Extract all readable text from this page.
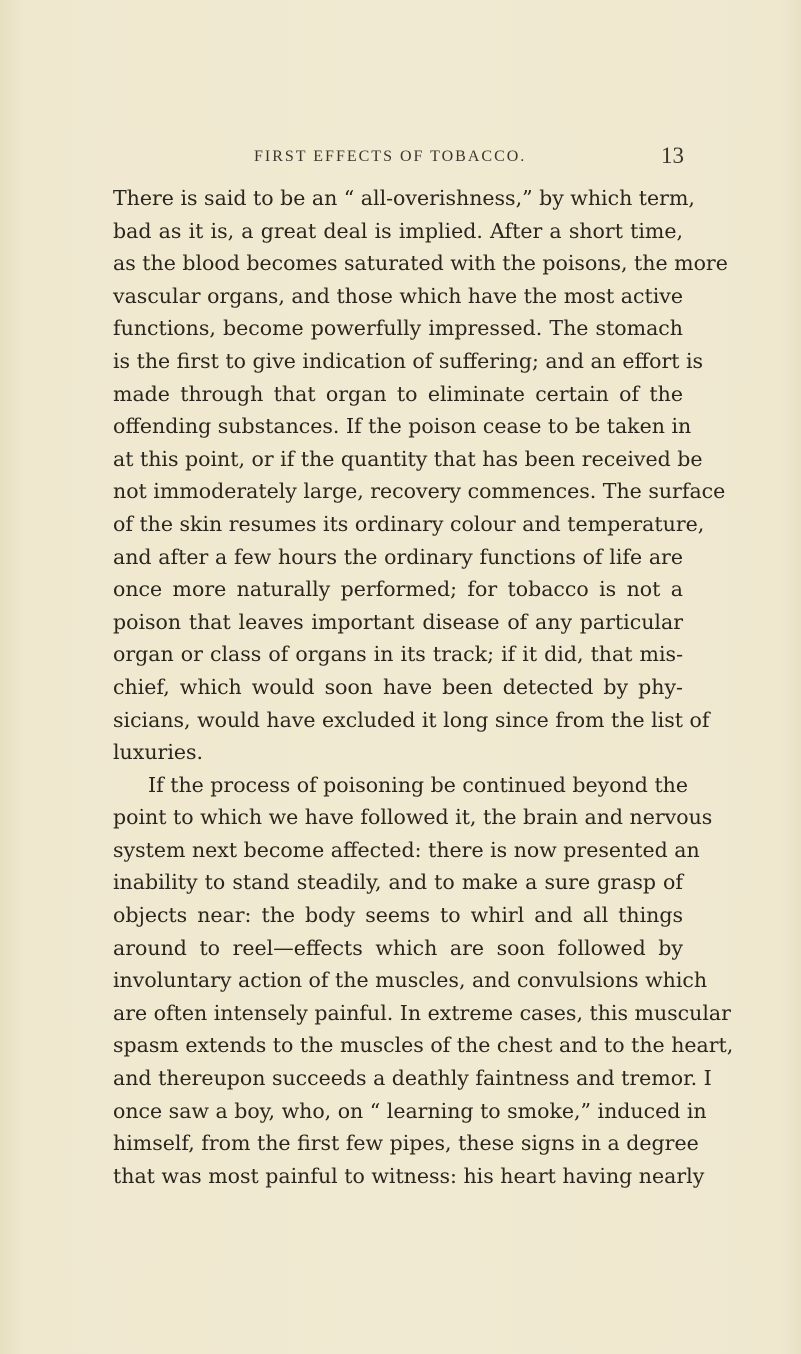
FIRST EFFECTS OF TOBACCO.	13
There is said to be an “ all-overishness,” by which term,
bad as it is, a great deal is implied. After a short time,
as the blood becomes saturated with the poisons, the more
vascular organs, and those which have the most active
functions, become powerfully impressed. The stomach
is the first to give indication of suffering; and an effort is
made through that organ to eliminate certain of the
offending substances. If the poison cease to be taken in
at this point, or if the quantity that has been received be
not immoderately large, recovery commences. The surface
of the skin resumes its ordinary colour and temperature,
and after a few hours the ordinary functions of life are
once more naturally performed; for tobacco is not a
poison that leaves important disease of any particular
organ or class of organs in its track; if it did, that mis-
chief, which would soon have been detected by phy-
sicians, would have excluded it long since from the list of
luxuries.
If the process of poisoning be continued beyond the
point to which we have followed it, the brain and nervous
system next become affected: there is now presented an
inability to stand steadily, and to make a sure grasp of
objects near: the body seems to whirl and all things
around to reel—effects which are soon followed by
involuntary action of the muscles, and convulsions which
are often intensely painful. In extreme cases, this muscular
spasm extends to the muscles of the chest and to the heart,
and thereupon succeeds a deathly faintness and tremor. I
once saw a boy, who, on “ learning to smoke,” induced in
himself, from the first few pipes, these signs in a degree
that was most painful to witness: his heart having nearly
